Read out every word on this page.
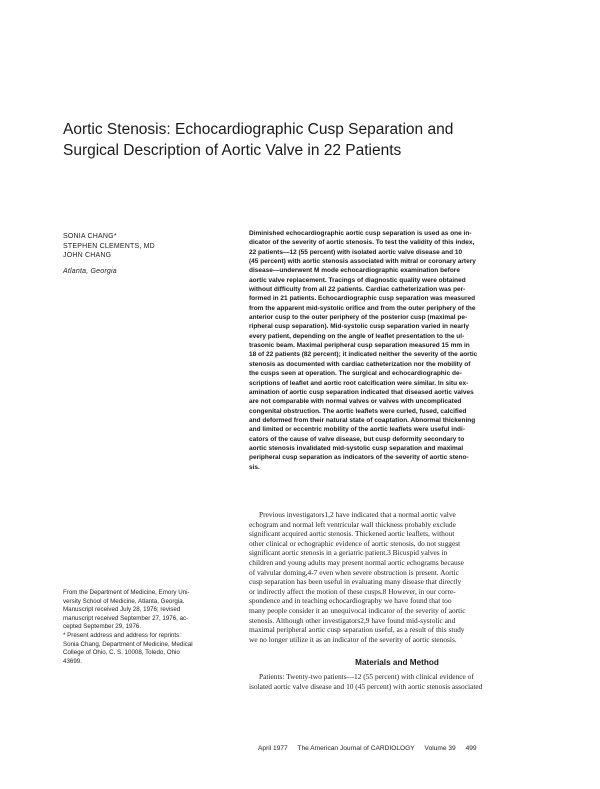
Aortic Stenosis: Echocardiographic Cusp Separation and
Surgical Description of Aortic Valve in 22 Patients
SONIA CHANG*
STEPHEN CLEMENTS, MD
JOHN CHANG
Atlanta, Georgia
Diminished echocardiographic aortic cusp separation is used as one in-
dicator of the severity of aortic stenosis. To test the validity of this index,
22 patients—12 (55 percent) with isolated aortic valve disease and 10
(45 percent) with aortic stenosis associated with mitral or coronary artery
disease—underwent M mode echocardiographic examination before
aortic valve replacement. Tracings of diagnostic quality were obtained
without difficulty from all 22 patients. Cardiac catheterization was per-
formed in 21 patients. Echocardiographic cusp separation was measured
from the apparent mid-systolic orifice and from the outer periphery of the
anterior cusp to the outer periphery of the posterior cusp (maximal pe-
ripheral cusp separation). Mid-systolic cusp separation varied in nearly
every patient, depending on the angle of leaflet presentation to the ul-
trasonic beam. Maximal peripheral cusp separation measured 15 mm in
18 of 22 patients (82 percent); it indicated neither the severity of the aortic
stenosis as documented with cardiac catheterization nor the mobility of
the cusps seen at operation. The surgical and echocardiographic de-
scriptions of leaflet and aortic root calcification were similar. In situ ex-
amination of aortic cusp separation indicated that diseased aortic valves
are not comparable with normal valves or valves with uncomplicated
congenital obstruction. The aortic leaflets were curled, fused, calcified
and deformed from their natural state of coaptation. Abnormal thickening
and limited or eccentric mobility of the aortic leaflets were useful indi-
cators of the cause of valve disease, but cusp deformity secondary to
aortic stenosis invalidated mid-systolic cusp separation and maximal
peripheral cusp separation as indicators of the severity of aortic steno-
sis.
Previous investigators1,2 have indicated that a normal aortic valve
echogram and normal left ventricular wall thickness probably exclude
significant acquired aortic stenosis. Thickened aortic leaflets, without
other clinical or echographic evidence of aortic stenosis, do not suggest
significant aortic stenosis in a geriatric patient.3 Bicuspid valves in
children and young adults may present normal aortic echograms because
of valvular doming,4-7 even when severe obstruction is present. Aortic
cusp separation has been useful in evaluating many disease that directly
or indirectly affect the motion of these cusps.8 However, in our corre-
spondence and in teaching echocardiography we have found that too
many people consider it an unequivocal indicator of the severity of aortic
stenosis. Although other investigators2,9 have found mid-systolic and
maximal peripheral aortic cusp separation useful, as a result of this study
we no longer utilize it as an indicator of the severity of aortic stenosis.
Materials and Method
Patients: Twenty-two patients—12 (55 percent) with clinical evidence of
isolated aortic valve disease and 10 (45 percent) with aortic stenosis associated
From the Department of Medicine, Emory Uni-
versity School of Medicine, Atlanta, Georgia.
Manuscript received July 28, 1976; revised
manuscript received September 27, 1976, ac-
cepted September 29, 1976.
* Present address and address for reprints:
Sonia Chang, Department of Medicine, Medical
College of Ohio, C. S. 10008, Toledo, Ohio
43699.
April 1977 The American Journal of CARDIOLOGY Volume 39 499
